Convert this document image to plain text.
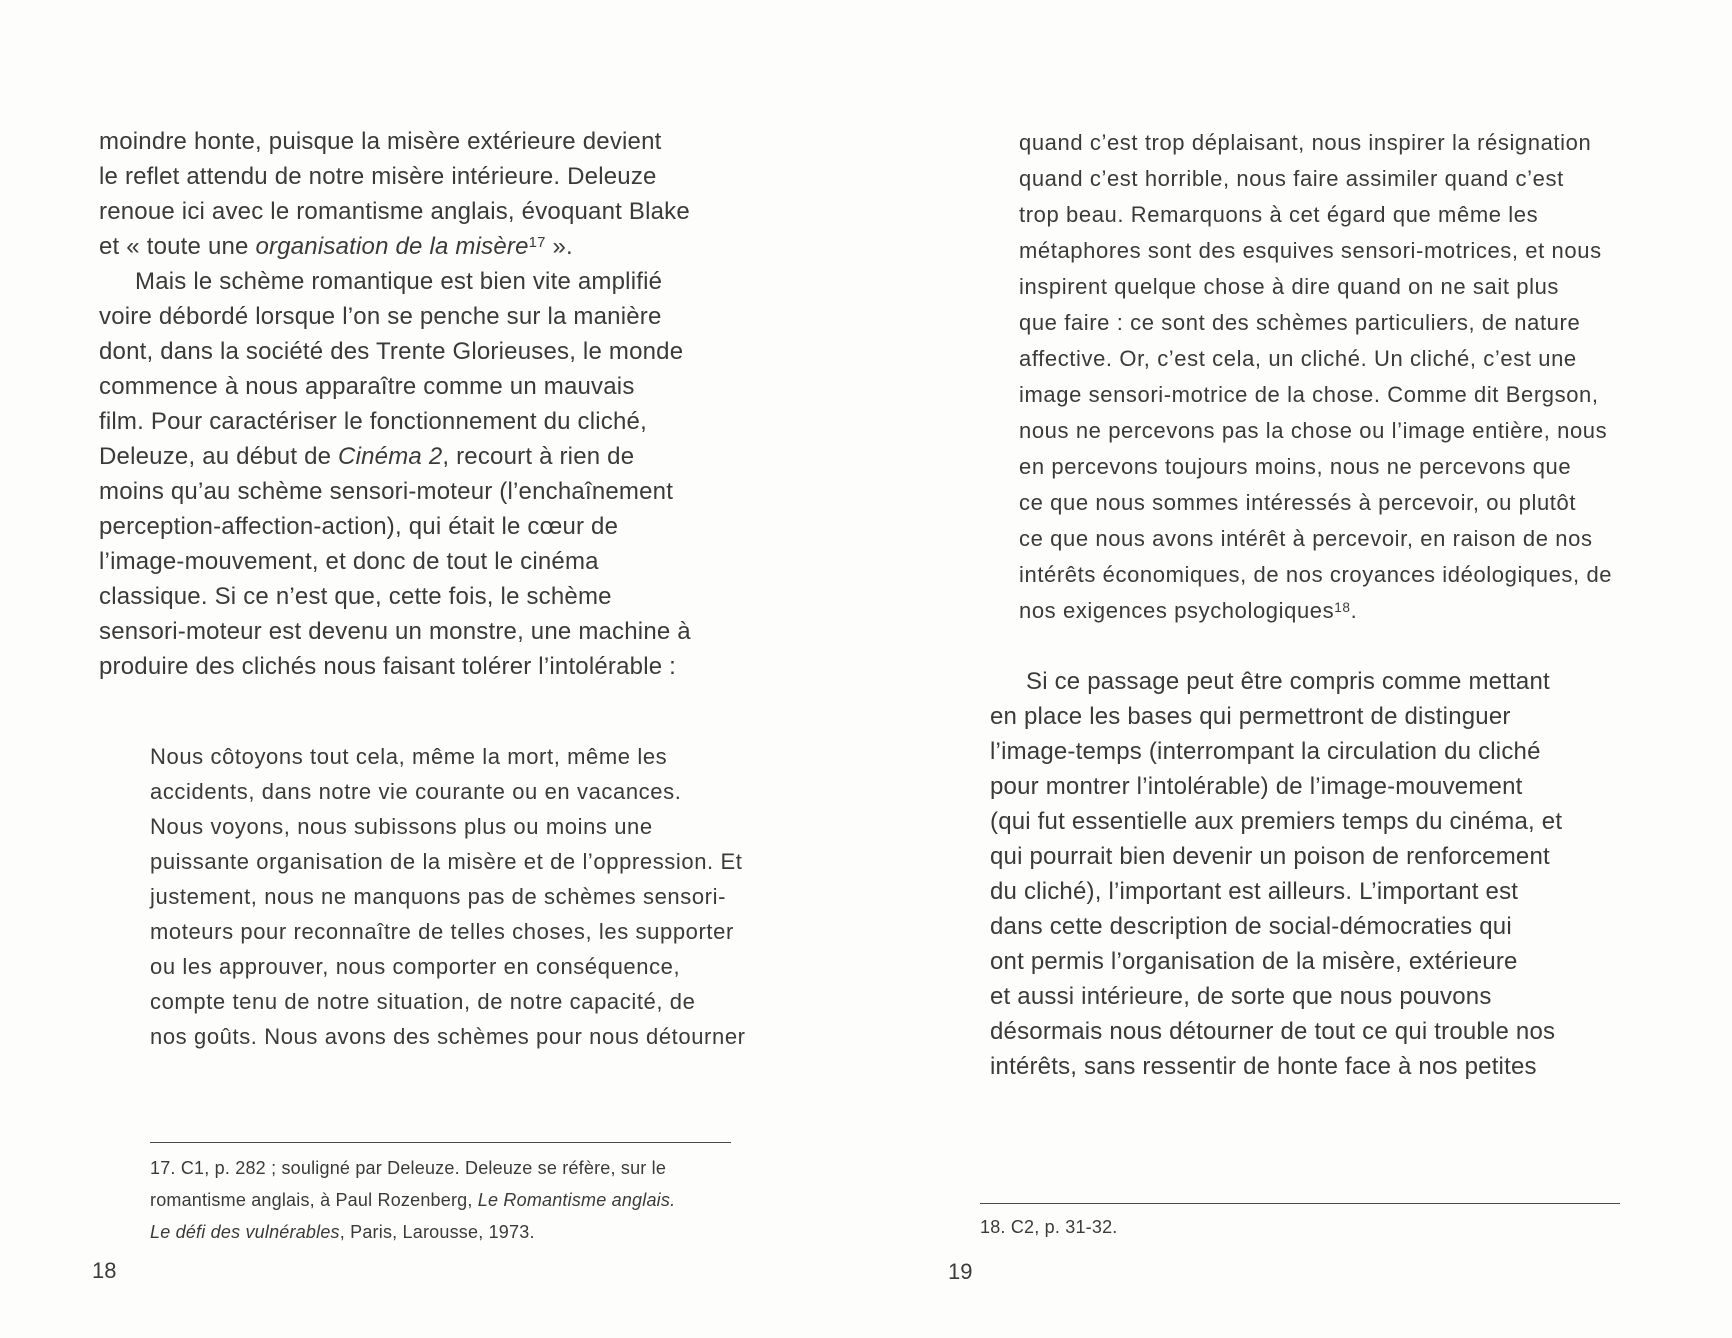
moindre honte, puisque la misère extérieure devient
le reflet attendu de notre misère intérieure. Deleuze
renoue ici avec le romantisme anglais, évoquant Blake
et « toute une organisation de la misère$^{17}$ ».
Mais le schème romantique est bien vite amplifié
voire débordé lorsque l’on se penche sur la manière
dont, dans la société des Trente Glorieuses, le monde
commence à nous apparaître comme un mauvais
film. Pour caractériser le fonctionnement du cliché,
Deleuze, au début de Cinéma 2, recourt à rien de
moins qu’au schème sensori-moteur (l’enchaînement
perception-affection-action), qui était le cœur de
l’image-mouvement, et donc de tout le cinéma
classique. Si ce n’est que, cette fois, le schème
sensori-moteur est devenu un monstre, une machine à
produire des clichés nous faisant tolérer l’intolérable :
Nous côtoyons tout cela, même la mort, même les
accidents, dans notre vie courante ou en vacances.
Nous voyons, nous subissons plus ou moins une
puissante organisation de la misère et de l’oppression. Et
justement, nous ne manquons pas de schèmes sensori-
moteurs pour reconnaître de telles choses, les supporter
ou les approuver, nous comporter en conséquence,
compte tenu de notre situation, de notre capacité, de
nos goûts. Nous avons des schèmes pour nous détourner
17. C1, p. 282 ; souligné par Deleuze. Deleuze se réfère, sur le
romantisme anglais, à Paul Rozenberg, Le Romantisme anglais.
Le défi des vulnérables, Paris, Larousse, 1973.
18
quand c’est trop déplaisant, nous inspirer la résignation
quand c’est horrible, nous faire assimiler quand c’est
trop beau. Remarquons à cet égard que même les
métaphores sont des esquives sensori-motrices, et nous
inspirent quelque chose à dire quand on ne sait plus
que faire : ce sont des schèmes particuliers, de nature
affective. Or, c’est cela, un cliché. Un cliché, c’est une
image sensori-motrice de la chose. Comme dit Bergson,
nous ne percevons pas la chose ou l’image entière, nous
en percevons toujours moins, nous ne percevons que
ce que nous sommes intéressés à percevoir, ou plutôt
ce que nous avons intérêt à percevoir, en raison de nos
intérêts économiques, de nos croyances idéologiques, de
nos exigences psychologiques$^{18}$.
Si ce passage peut être compris comme mettant
en place les bases qui permettront de distinguer
l’image-temps (interrompant la circulation du cliché
pour montrer l’intolérable) de l’image-mouvement
(qui fut essentielle aux premiers temps du cinéma, et
qui pourrait bien devenir un poison de renforcement
du cliché), l’important est ailleurs. L’important est
dans cette description de social-démocraties qui
ont permis l’organisation de la misère, extérieure
et aussi intérieure, de sorte que nous pouvons
désormais nous détourner de tout ce qui trouble nos
intérêts, sans ressentir de honte face à nos petites
18. C2, p. 31-32.
19
